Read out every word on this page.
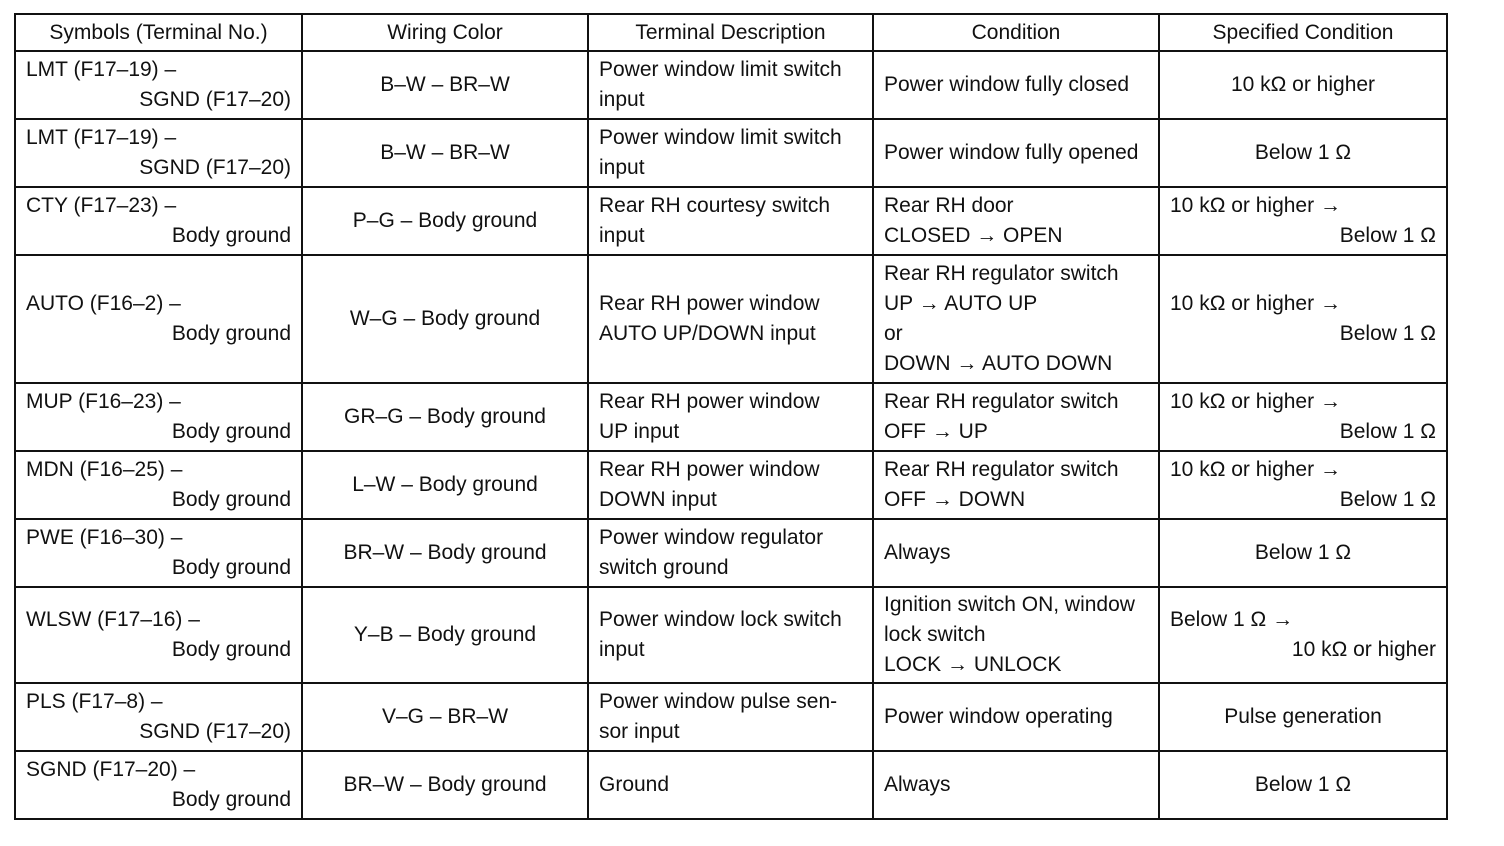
Symbols (Terminal No.)	Wiring Color	Terminal Description	Condition	Specified Condition

LMT (F17–19) –
SGND (F17–20)	B–W – BR–W	Power window limit switch
input	Power window fully closed	10 kΩ or higher

LMT (F17–19) –
SGND (F17–20)	B–W – BR–W	Power window limit switch
input	Power window fully opened	Below 1 Ω

CTY (F17–23) –
Body ground	P–G – Body ground	Rear RH courtesy switch
input	Rear RH door
CLOSED → OPEN	10 kΩ or higher →
Below 1 Ω

AUTO (F16–2) –
Body ground	W–G – Body ground	Rear RH power window
AUTO UP/DOWN input	Rear RH regulator switch
UP → AUTO UP
or
DOWN → AUTO DOWN	10 kΩ or higher →
Below 1 Ω

MUP (F16–23) –
Body ground	GR–G – Body ground	Rear RH power window
UP input	Rear RH regulator switch
OFF → UP	10 kΩ or higher →
Below 1 Ω

MDN (F16–25) –
Body ground	L–W – Body ground	Rear RH power window
DOWN input	Rear RH regulator switch
OFF → DOWN	10 kΩ or higher →
Below 1 Ω

PWE (F16–30) –
Body ground	BR–W – Body ground	Power window regulator
switch ground	Always	Below 1 Ω

WLSW (F17–16) –
Body ground	Y–B – Body ground	Power window lock switch
input	Ignition switch ON, window
lock switch
LOCK → UNLOCK	Below 1 Ω →
10 kΩ or higher

PLS (F17–8) –
SGND (F17–20)	V–G – BR–W	Power window pulse sen-
sor input	Power window operating	Pulse generation

SGND (F17–20) –
Body ground	BR–W – Body ground	Ground	Always	Below 1 Ω
